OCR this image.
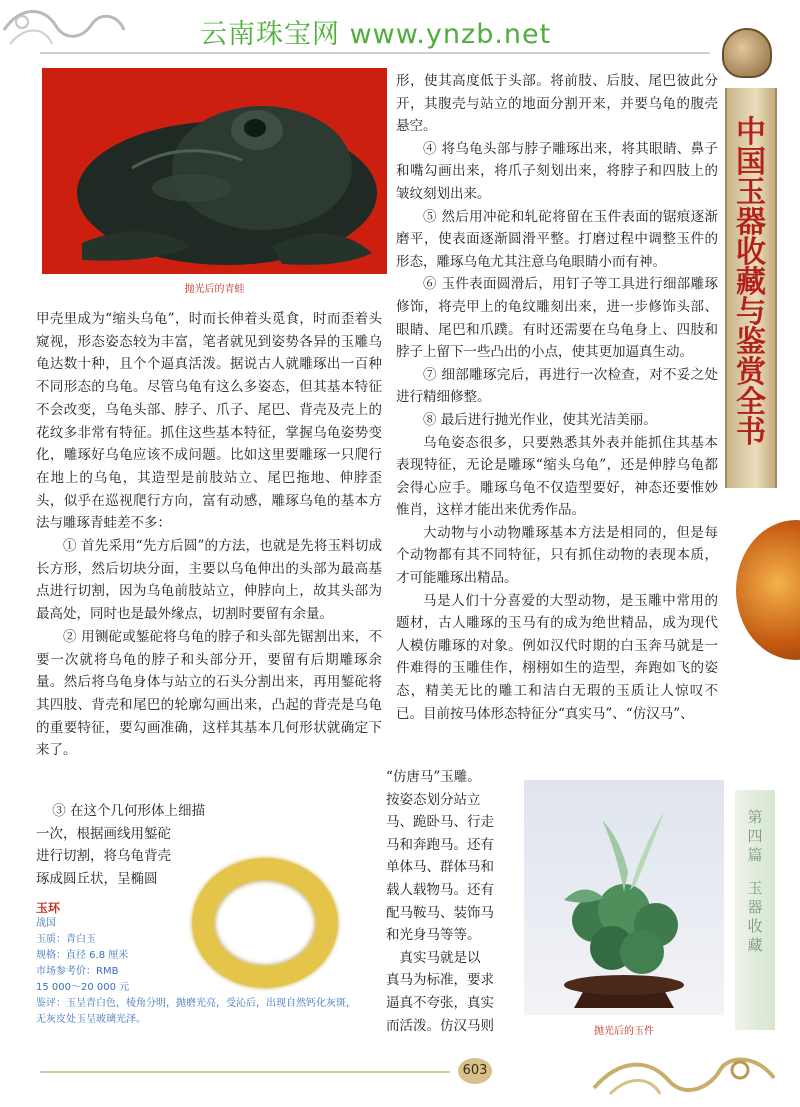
云南珠宝网 www.ynzb.net
中
国
玉
器
收
藏
与
鉴
赏
全
书
第
四
篇
玉
器
收
藏
抛光后的青蛙

甲壳里成为“缩头乌龟”，时而长伸着头觅食，时而歪着头窥视，形态姿态较为丰富，笔者就见到姿势各异的玉雕乌龟达数十种，且个个逼真活泼。据说古人就雕琢出一百种不同形态的乌龟。尽管乌龟有这么多姿态，但其基本特征不会改变，乌龟头部、脖子、爪子、尾巴、背壳及壳上的花纹多非常有特征。抓住这些基本特征，掌握乌龟姿势变化，雕琢好乌龟应该不成问题。比如这里要雕琢一只爬行在地上的乌龟，其造型是前肢站立、尾巴拖地、伸脖歪头，似乎在巡视爬行方向，富有动感，雕琢乌龟的基本方法与雕琢青蛙差不多：

① 首先采用“先方后圆”的方法，也就是先将玉料切成长方形，然后切块分面，主要以乌龟伸出的头部为最高基点进行切割，因为乌龟前肢站立，伸脖向上，故其头部为最高处，同时也是最外缘点，切割时要留有余量。

② 用铡砣或錾砣将乌龟的脖子和头部先锯割出来，不要一次就将乌龟的脖子和头部分开，要留有后期雕琢余量。然后将乌龟身体与站立的石头分割出来，再用錾砣将其四肢、背壳和尾巴的轮廓勾画出来，凸起的背壳是乌龟的重要特征，要勾画准确，这样其基本几何形状就确定下来了。

③ 在这个几何形体上细描

一次，根据画线用錾砣

进行切割，将乌龟背壳

琢成圆丘状，呈椭圆

玉环

战国

玉质：青白玉

规格：直径 6.8 厘米

市场参考价：RMB

15 000～20 000 元

鉴评：玉呈青白色，棱角分明，抛磨光亮，受沁后，出现自然钙化灰斑，

无灰皮处玉呈玻璃光泽。

形，使其高度低于头部。将前肢、后肢、尾巴彼此分开，其腹壳与站立的地面分割开来，并要乌龟的腹壳悬空。

④ 将乌龟头部与脖子雕琢出来，将其眼睛、鼻子和嘴勾画出来，将爪子刻划出来，将脖子和四肢上的皱纹刻划出来。

⑤ 然后用冲砣和轧砣将留在玉件表面的锯痕逐渐磨平，使表面逐渐圆滑平整。打磨过程中调整玉件的形态，雕琢乌龟尤其注意乌龟眼睛小而有神。

⑥ 玉件表面圆滑后，用钉子等工具进行细部雕琢修饰，将壳甲上的龟纹雕刻出来，进一步修饰头部、眼睛、尾巴和爪蹼。有时还需要在乌龟身上、四肢和脖子上留下一些凸出的小点，使其更加逼真生动。

⑦ 细部雕琢完后，再进行一次检查，对不妥之处进行精细修整。

⑧ 最后进行抛光作业，使其光洁美丽。

乌龟姿态很多，只要熟悉其外表并能抓住其基本表现特征，无论是雕琢“缩头乌龟”，还是伸脖乌龟都会得心应手。雕琢乌龟不仅造型要好，神态还要惟妙惟肖，这样才能出来优秀作品。

大动物与小动物雕琢基本方法是相同的，但是每个动物都有其不同特征，只有抓住动物的表现本质，才可能雕琢出精品。

马是人们十分喜爱的大型动物，是玉雕中常用的题材，古人雕琢的玉马有的成为绝世精品，成为现代人模仿雕琢的对象。例如汉代时期的白玉奔马就是一件难得的玉雕佳作，栩栩如生的造型，奔跑如飞的姿态，精美无比的雕工和洁白无瑕的玉质让人惊叹不已。目前按马体形态特征分“真实马”、“仿汉马”、

“仿唐马”玉雕。

按姿态划分站立

马、跪卧马、行走

马和奔跑马。还有

单体马、群体马和

载人载物马。还有

配马鞍马、装饰马

和光身马等等。

　真实马就是以

真马为标准，要求

逼真不夸张，真实

而活泼。仿汉马则	抛光后的玉件
603
